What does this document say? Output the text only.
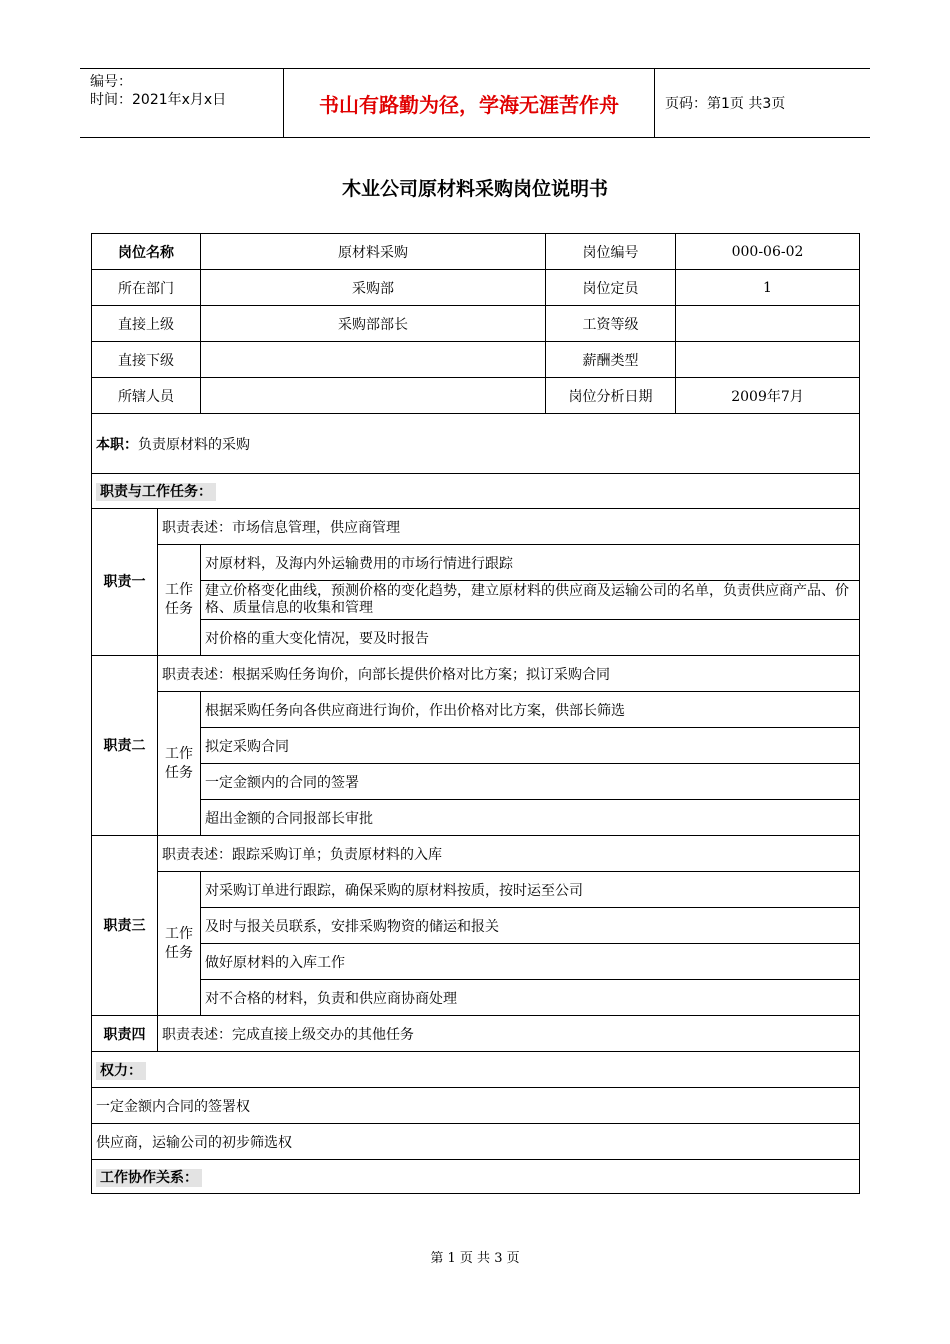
编号：
时间：2021年x月x日	书山有路勤为径，学海无涯苦作舟	页码：第1页 共3页
木业公司原材料采购岗位说明书
岗位名称		原材料采购	岗位编号	000-06-02
所在部门		采购部	岗位定员	1
直接上级		采购部部长	工资等级	
直接下级			薪酬类型	
所辖人员			岗位分析日期	2009年7月
本职：负责原材料的采购				
职责与工作任务：				
职责一	职责表述：市场信息管理，供应商管理			
	工作任务	对原材料，及海内外运输费用的市场行情进行跟踪		
		建立价格变化曲线，预测价格的变化趋势，建立原材料的供应商及运输公司的名单，负责供应商产品、价格、质量信息的收集和管理		
		对价格的重大变化情况，要及时报告		
职责二	职责表述：根据采购任务询价，向部长提供价格对比方案；拟订采购合同			
	工作任务	根据采购任务向各供应商进行询价，作出价格对比方案，供部长筛选		
		拟定采购合同		
		一定金额内的合同的签署		
		超出金额的合同报部长审批		
职责三	职责表述：跟踪采购订单；负责原材料的入库			
	工作任务	对采购订单进行跟踪，确保采购的原材料按质，按时运至公司		
		及时与报关员联系，安排采购物资的储运和报关		
		做好原材料的入库工作		
		对不合格的材料，负责和供应商协商处理		
职责四	职责表述：完成直接上级交办的其他任务			
权力：				
一定金额内合同的签署权				
供应商，运输公司的初步筛选权				
工作协作关系：				
第 1 页 共 3 页
